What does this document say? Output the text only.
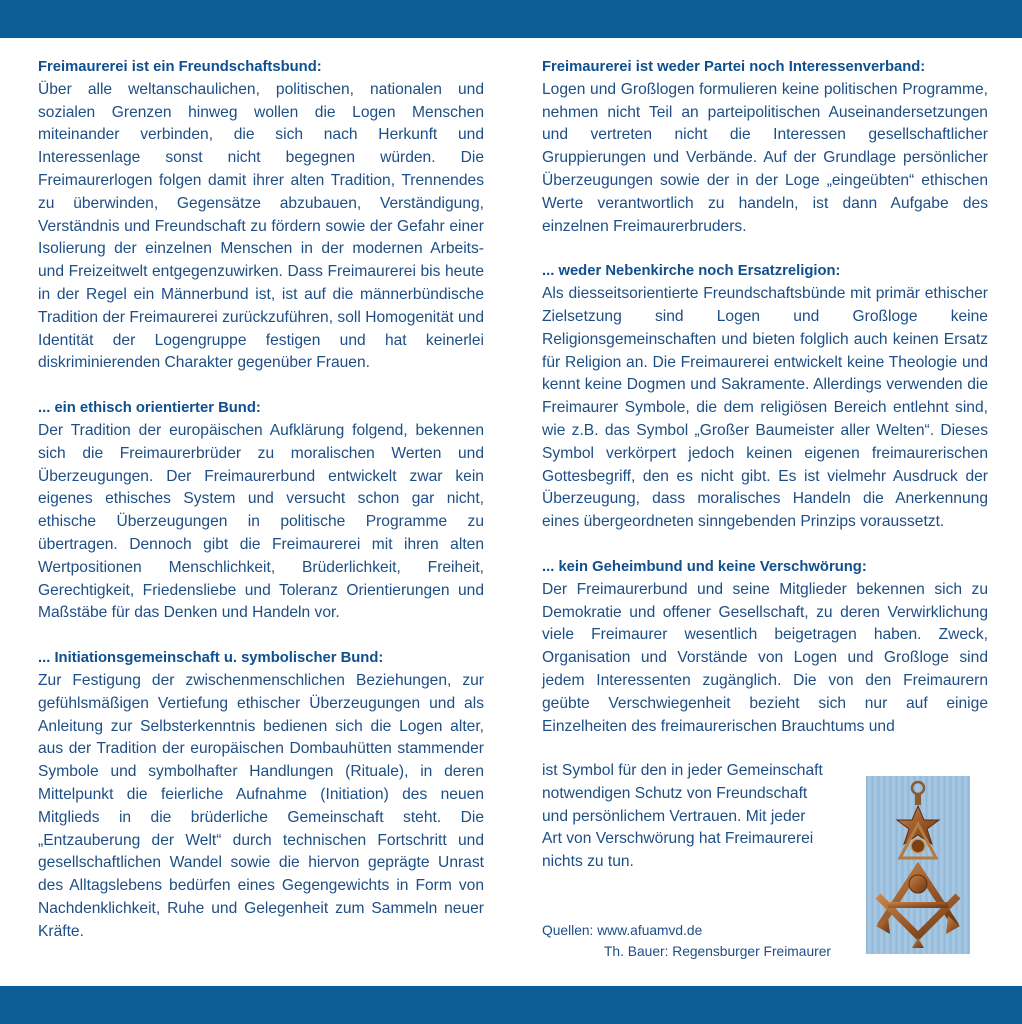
Freimaurerei ist ein Freundschaftsbund:
Über alle weltanschaulichen, politischen, nationalen und sozialen Grenzen hinweg wollen die Logen Menschen miteinander verbinden, die sich nach Herkunft und Interessenlage sonst nicht begegnen würden. Die Freimaurerlogen folgen damit ihrer alten Tradition, Trennendes zu überwinden, Gegensätze abzubauen, Verständigung, Verständnis und Freundschaft zu fördern sowie der Gefahr einer Isolierung der einzelnen Menschen in der modernen Arbeits- und Freizeitwelt entgegenzuwirken. Dass Freimaurerei bis heute in der Regel ein Männerbund ist, ist auf die männerbündische Tradition der Freimaurerei zurückzuführen, soll Homogenität und Identität der Logengruppe festigen und hat keinerlei diskriminierenden Charakter gegenüber Frauen.
... ein ethisch orientierter Bund:
Der Tradition der europäischen Aufklärung folgend, bekennen sich die Freimaurerbrüder zu moralischen Werten und Überzeugungen. Der Freimaurerbund entwickelt zwar kein eigenes ethisches System und versucht schon gar nicht, ethische Überzeugungen in politische Programme zu übertragen. Dennoch gibt die Freimaurerei mit ihren alten Wertpositionen Menschlichkeit, Brüderlichkeit, Freiheit, Gerechtigkeit, Friedensliebe und Toleranz Orientierungen und Maßstäbe für das Denken und Handeln vor.
... Initiationsgemeinschaft u. symbolischer Bund:
Zur Festigung der zwischenmenschlichen Beziehungen, zur gefühlsmäßigen Vertiefung ethischer Überzeugungen und als Anleitung zur Selbsterkenntnis bedienen sich die Logen alter, aus der Tradition der europäischen Dombauhütten stammender Symbole und symbolhafter Handlungen (Rituale), in deren Mittelpunkt die feierliche Aufnahme (Initiation) des neuen Mitglieds in die brüderliche Gemeinschaft steht. Die „Entzauberung der Welt“ durch technischen Fortschritt und gesellschaftlichen Wandel sowie die hiervon geprägte Unrast des Alltagslebens bedürfen eines Gegengewichts in Form von Nachdenklichkeit, Ruhe und Gelegenheit zum Sammeln neuer Kräfte.
Freimaurerei ist weder Partei noch Interessenverband:
Logen und Großlogen formulieren keine politischen Programme, nehmen nicht Teil an parteipolitischen Auseinandersetzungen und vertreten nicht die Interessen gesellschaftlicher Gruppierungen und Verbände. Auf der Grundlage persönlicher Überzeugungen sowie der in der Loge „eingeübten“ ethischen Werte verantwortlich zu handeln, ist dann Aufgabe des einzelnen Freimaurerbruders.
... weder Nebenkirche noch Ersatzreligion:
Als diesseitsorientierte Freundschaftsbünde mit primär ethischer Zielsetzung sind Logen und Großloge keine Religionsgemeinschaften und bieten folglich auch keinen Ersatz für Religion an. Die Freimaurerei entwickelt keine Theologie und kennt keine Dogmen und Sakramente. Allerdings verwenden die Freimaurer Symbole, die dem religiösen Bereich entlehnt sind, wie z.B. das Symbol „Großer Baumeister aller Welten“. Dieses Symbol verkörpert jedoch keinen eigenen freimaurerischen Gottesbegriff, den es nicht gibt. Es ist vielmehr Ausdruck der Überzeugung, dass moralisches Handeln die Anerkennung eines übergeordneten sinngebenden Prinzips voraussetzt.
... kein Geheimbund und keine Verschwörung:
Der Freimaurerbund und seine Mitglieder bekennen sich zu Demokratie und offener Gesellschaft, zu deren Verwirklichung viele Freimaurer wesentlich beigetragen haben. Zweck, Organisation und Vorstände von Logen und Großloge sind jedem Interessenten zugänglich. Die von den Freimaurern geübte Verschwiegenheit bezieht sich nur auf einige Einzelheiten des freimaurerischen Brauchtums und
ist Symbol für den in jeder Gemeinschaft
notwendigen Schutz von Freundschaft
und persönlichem Vertrauen. Mit jeder
Art von Verschwörung hat Freimaurerei
nichts zu tun.
Quellen: www.afuamvd.de
Th. Bauer: Regensburger Freimaurer
